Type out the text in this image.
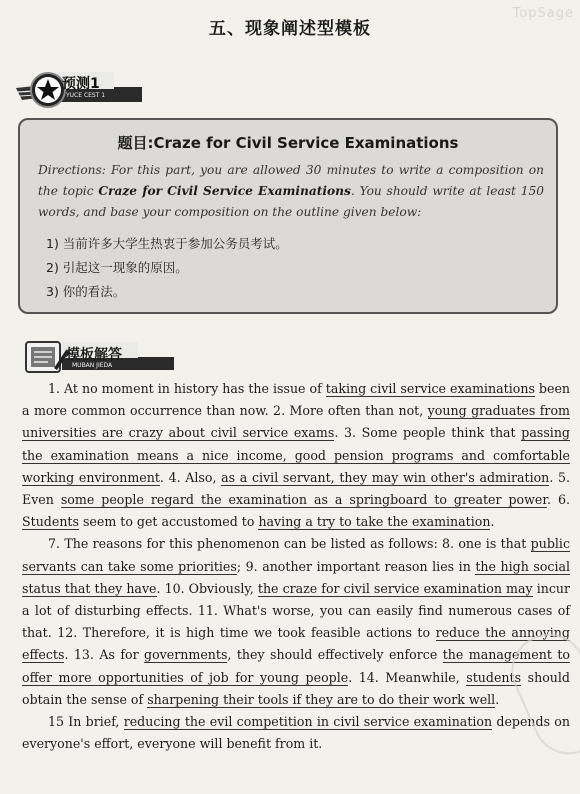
TopSage
五、现象阐述型模板
预测1
YUCE CEST 1
题目:Craze for Civil Service Examinations
Directions: For this part, you are allowed 30 minutes to write a composition on the topic Craze for Civil Service Examinations. You should write at least 150 words, and base your composition on the outline given below:
1) 当前许多大学生热衷于参加公务员考试。
2) 引起这一现象的原因。
3) 你的看法。
模板解答
MUBAN JIEDA

1. At no moment in history has the issue of taking civil service examinations been a more common occurrence than now. 2. More often than not, young graduates from universities are crazy about civil service exams. 3. Some people think that passing the examination means a nice income, good pension programs and comfortable working environment. 4. Also, as a civil servant, they may win other's admiration. 5. Even some people regard the examination as a springboard to greater power. 6. Students seem to get accustomed to having a try to take the examination.

7. The reasons for this phenomenon can be listed as follows: 8. one is that public servants can take some priorities; 9. another important reason lies in the high social status that they have. 10. Obviously, the craze for civil service examination may incur a lot of disturbing effects. 11. What's worse, you can easily find numerous cases of that. 12. Therefore, it is high time we took feasible actions to reduce the annoying effects. 13. As for governments, they should effectively enforce the management to offer more opportunities of job for young people. 14. Meanwhile, students should obtain the sense of sharpening their tools if they are to do their work well.

15 In brief, reducing the evil competition in civil service examination depends on everyone's effort, everyone will benefit from it.
